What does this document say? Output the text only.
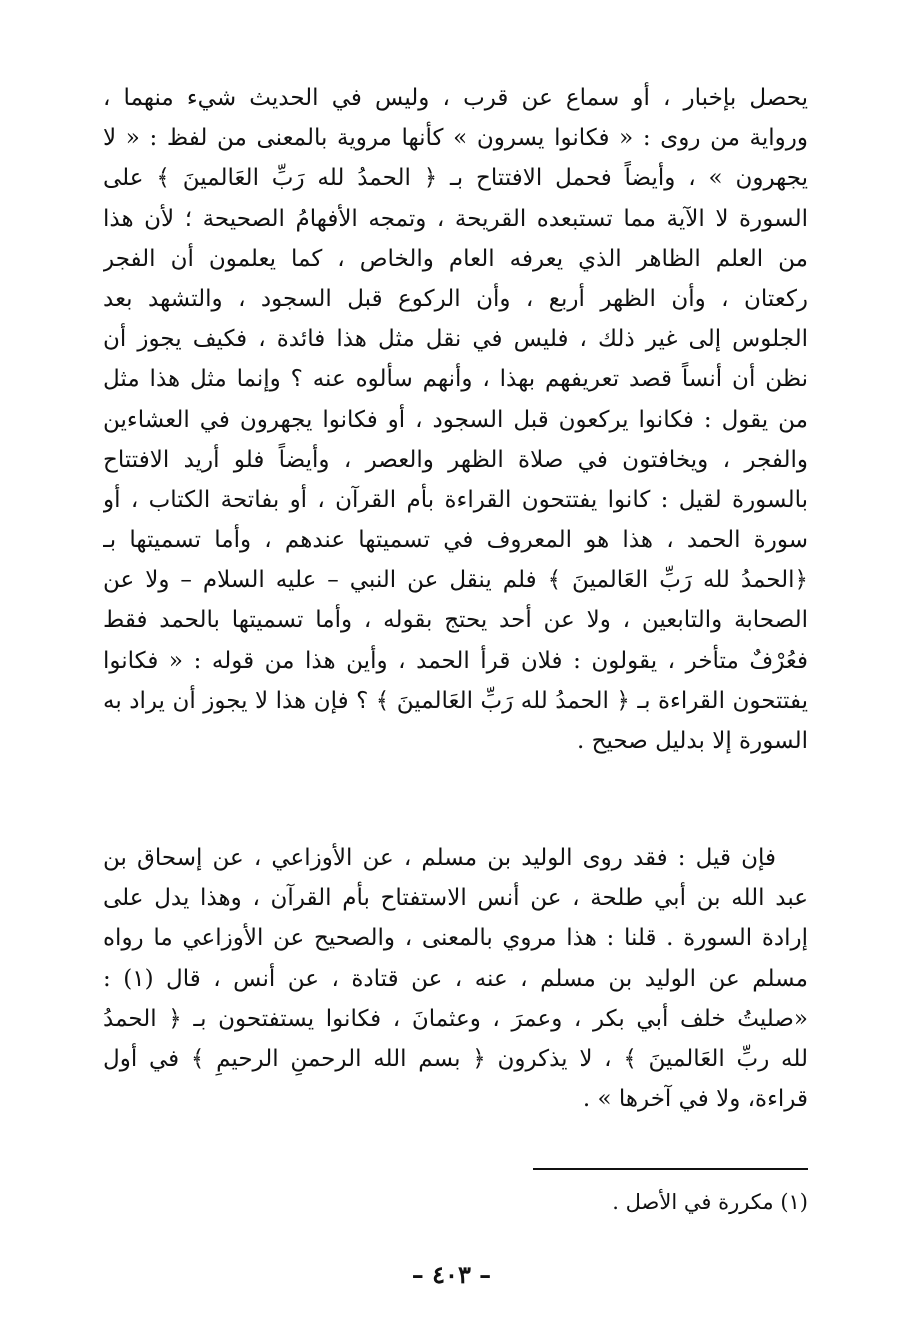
يحصل بإخبار ، أو سماع عن قرب ، وليس في الحديث شيء منهما ،
ورواية من روى : « فكانوا يسرون » كأنها مروية بالمعنى من لفظ : « لا
يجهرون » ، وأيضاً فحمل الافتتاح بـ ﴿ الحمدُ لله رَبِّ العَالمينَ ﴾ على
السورة لا الآية مما تستبعده القريحة ، وتمجه الأفهامُ الصحيحة ؛ لأن هذا
من العلم الظاهر الذي يعرفه العام والخاص ، كما يعلمون أن الفجر
ركعتان ، وأن الظهر أربع ، وأن الركوع قبل السجود ، والتشهد بعد
الجلوس إلى غير ذلك ، فليس في نقل مثل هذا فائدة ، فكيف يجوز أن
نظن أن أنساً قصد تعريفهم بهذا ، وأنهم سألوه عنه ؟ وإنما مثل هذا مثل
من يقول : فكانوا يركعون قبل السجود ، أو فكانوا يجهرون في العشاءين
والفجر ، ويخافتون في صلاة الظهر والعصر ، وأيضاً فلو أريد الافتتاح
بالسورة لقيل : كانوا يفتتحون القراءة بأم القرآن ، أو بفاتحة الكتاب ، أو
سورة الحمد ، هذا هو المعروف في تسميتها عندهم ، وأما تسميتها بـ
﴿الحمدُ لله رَبِّ العَالمينَ ﴾ فلم ينقل عن النبي – عليه السلام – ولا عن
الصحابة والتابعين ، ولا عن أحد يحتج بقوله ، وأما تسميتها بالحمد فقط
فعُرْفٌ متأخر ، يقولون : فلان قرأ الحمد ، وأين هذا من قوله : « فكانوا
يفتتحون القراءة بـ ﴿ الحمدُ لله رَبِّ العَالمينَ ﴾ ؟ فإن هذا لا يجوز أن يراد به
السورة إلا بدليل صحيح .
فإن قيل : فقد روى الوليد بن مسلم ، عن الأوزاعي ، عن إسحاق بن
عبد الله بن أبي طلحة ، عن أنس الاستفتاح بأم القرآن ، وهذا يدل على
إرادة السورة . قلنا : هذا مروي بالمعنى ، والصحيح عن الأوزاعي ما رواه
مسلم عن الوليد بن مسلم ، عنه ، عن قتادة ، عن أنس ، قال (١) :
«صليتُ خلف أبي بكر ، وعمرَ ، وعثمانَ ، فكانوا يستفتحون بـ ﴿ الحمدُ
لله ربِّ العَالمينَ ﴾ ، لا يذكرون ﴿ بسم الله الرحمنِ الرحيمِ ﴾ في أول
قراءة، ولا في آخرها » .
(١) مكررة في الأصل .
– ٤٠٣ –
